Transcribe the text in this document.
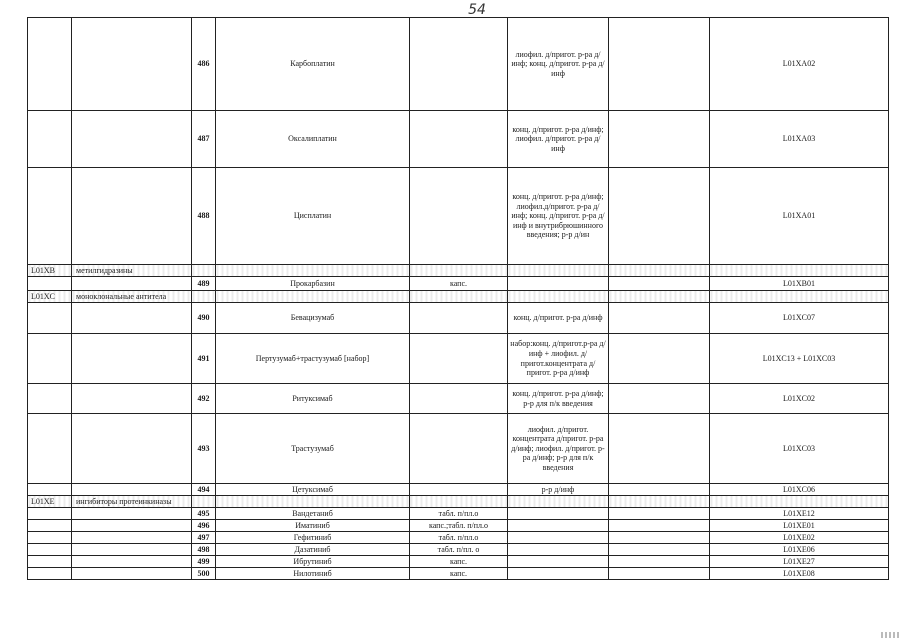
54
		486	Карбоплатин		лиофил. д/пригот. р-ра д/инф; конц. д/пригот. р-ра д/ инф		L01XA02
		487	Оксалиплатин		конц. д/пригот. р-ра д/инф; лиофил. д/пригот. р-ра д/инф		L01XA03
		488	Цисплатин		конц. д/пригот. р-ра д/инф; лиофил.д/пригот. р-ра д/инф; конц. д/пригот. р-ра д/инф и внутрибрюшинного введения; р-р д/ин		L01XA01
L01XB	метилгидразины						
		489	Прокарбазин	капс.			L01XB01
L01XC	моноклональные антитела						
		490	Бевацизумаб		конц. д/пригот. р-ра д/инф		L01XC07
		491	Пертузумаб+трастузумаб [набор]		набор:конц. д/пригот.р-ра д/инф + лиофил. д/пригот.концентрата д/пригот. р-ра д/инф		L01XC13 + L01XC03
		492	Ритуксимаб		конц. д/пригот. р-ра д/инф; р-р для п/к введения		L01XC02
		493	Трастузумаб		лиофил. д/пригот. концентрата д/пригот. р-ра д/инф; лиофил. д/пригот. р-ра д/инф; р-р для п/к введения		L01XC03
		494	Цетуксимаб		р-р д/инф		L01XC06
L01XE	ингибиторы протеинкиназы						
		495	Вандетаниб	табл. п/пл.о			L01XE12
		496	Иматиниб	капс.;табл. п/пл.о			L01XE01
		497	Гефитиниб	табл. п/пл.о			L01XE02
		498	Дазатиниб	табл. п/пл. о			L01XE06
		499	Ибрутиниб	капс.			L01XE27
		500	Нилотиниб	капс.			L01XE08
